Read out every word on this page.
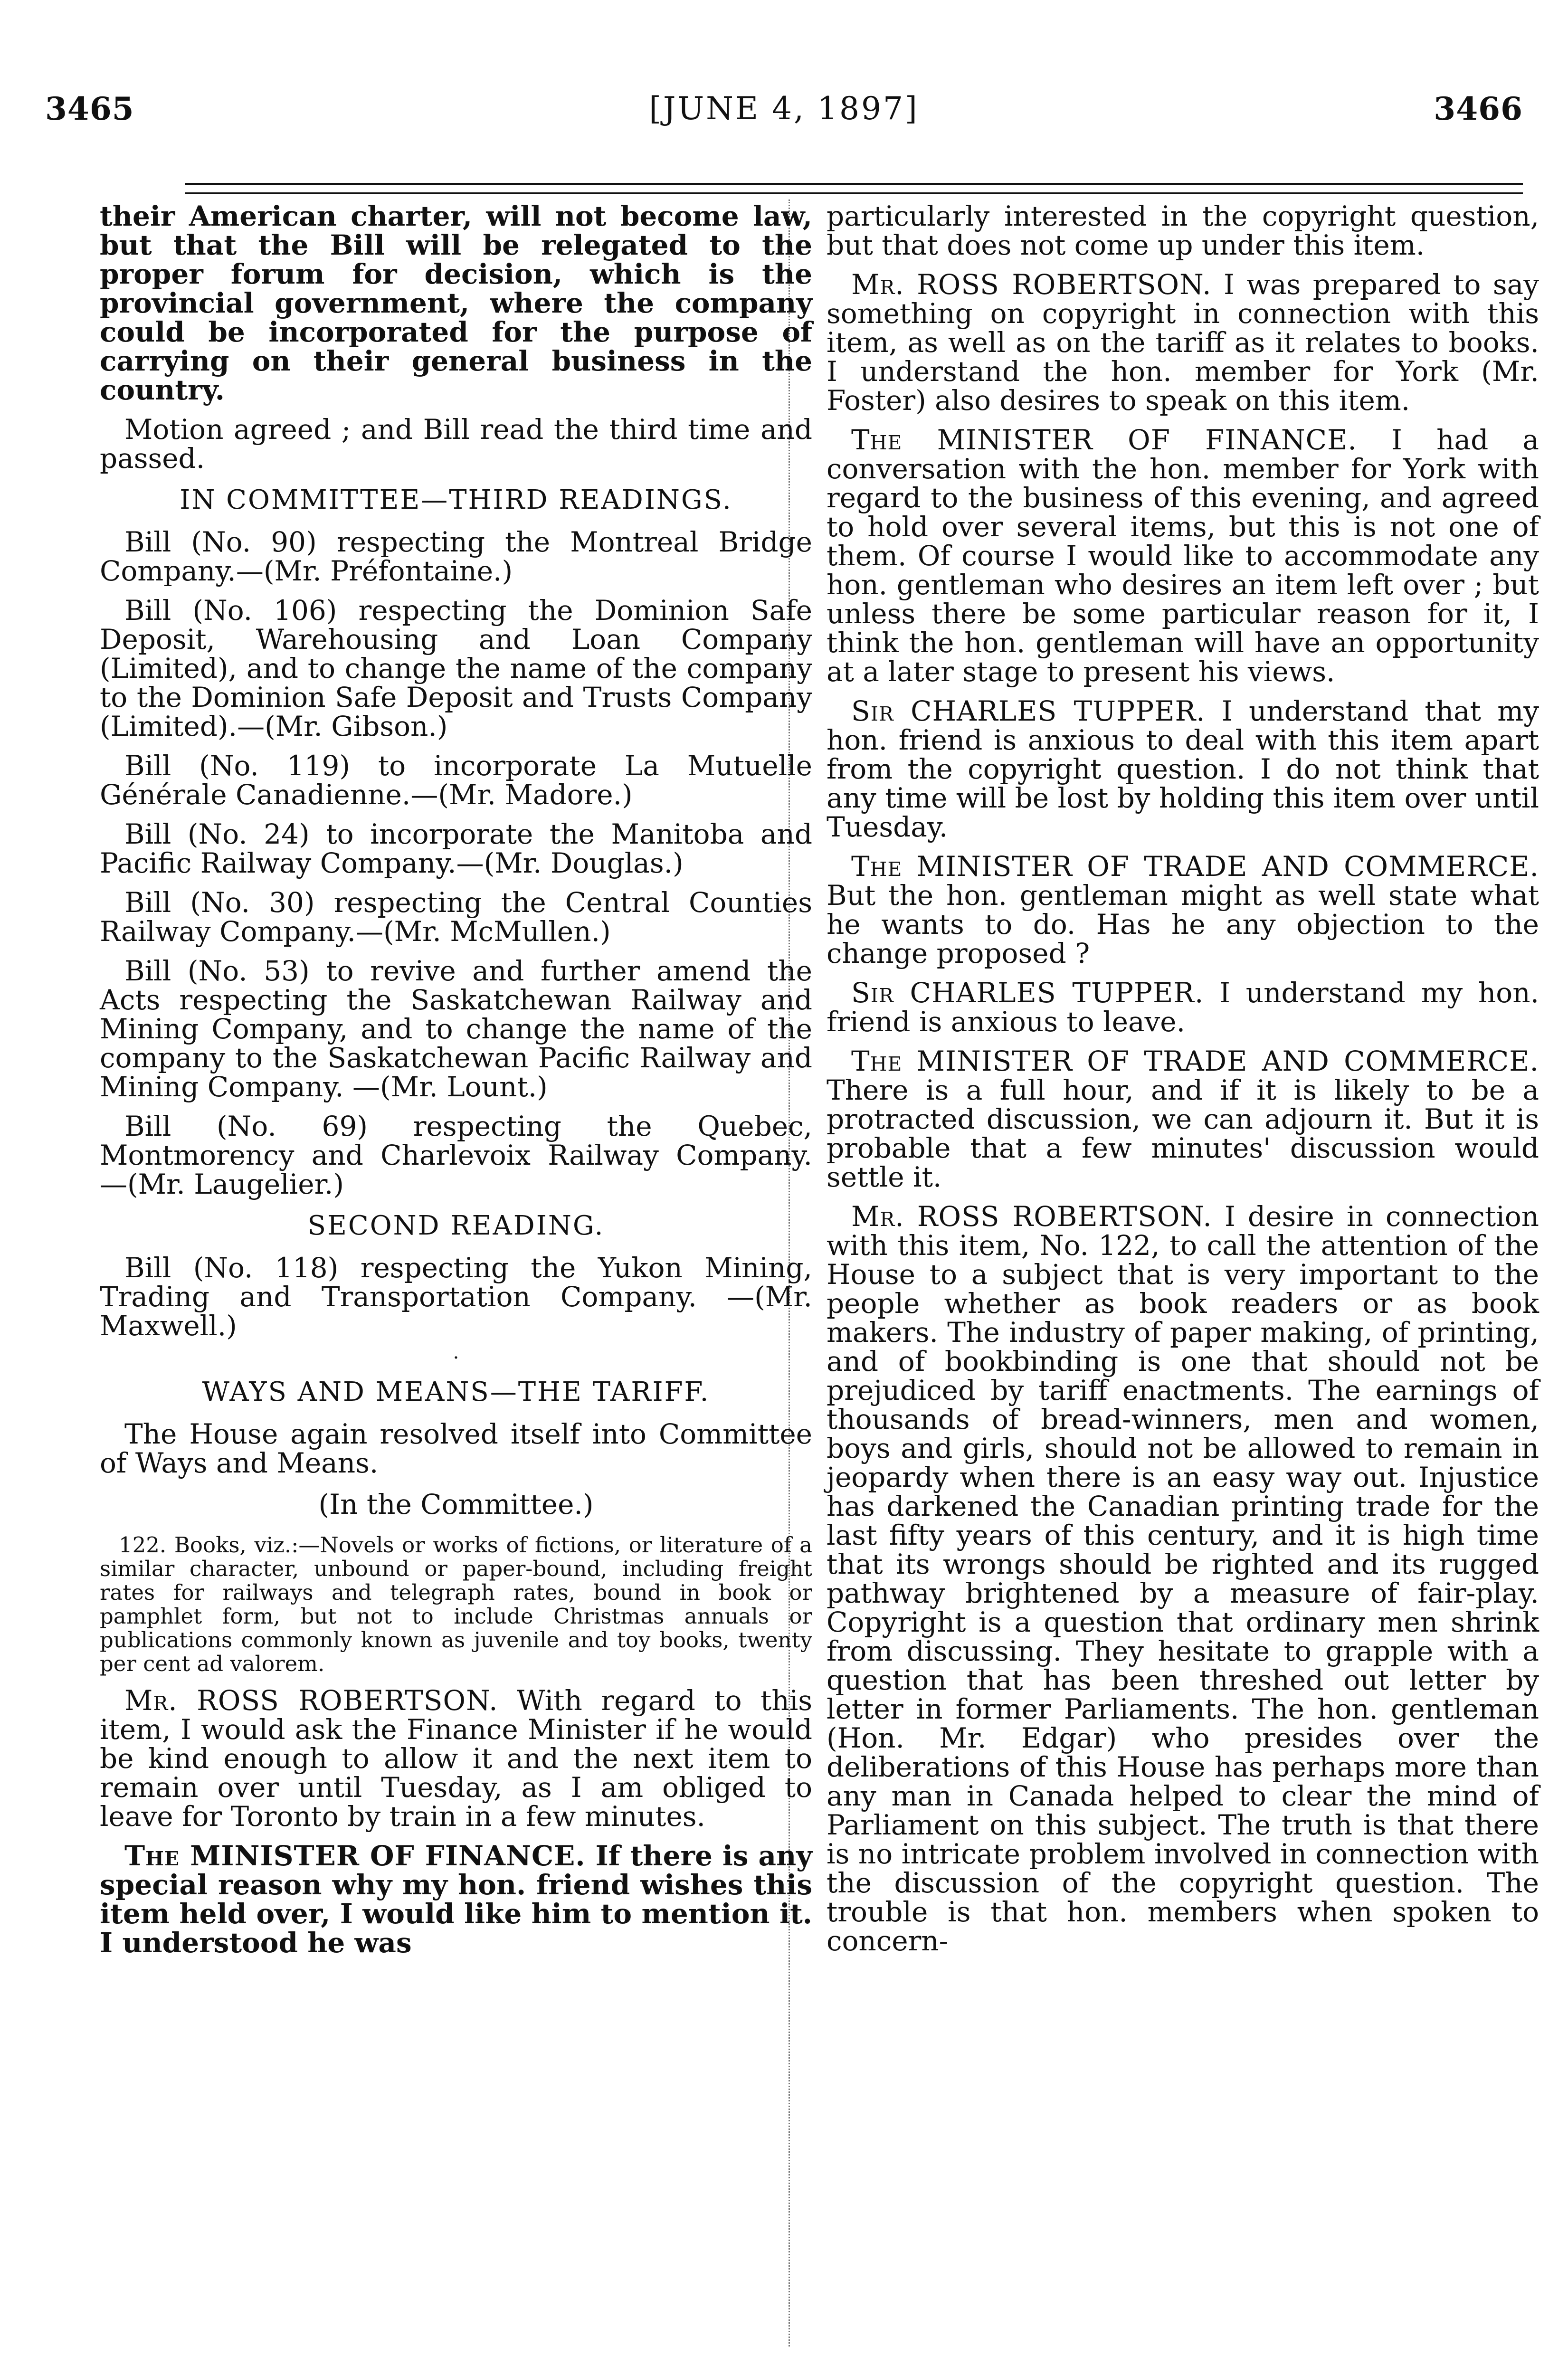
3465	[JUNE 4, 1897]	3466

their American charter, will not become law, but that the Bill will be relegated to the proper forum for decision, which is the provincial government, where the company could be incorporated for the purpose of carrying on their general business in the country.

Motion agreed ; and Bill read the third time and passed.

IN COMMITTEE—THIRD READINGS.

Bill (No. 90) respecting the Montreal Bridge Company.—(Mr. Préfontaine.)

Bill (No. 106) respecting the Dominion Safe Deposit, Warehousing and Loan Company (Limited), and to change the name of the company to the Dominion Safe Deposit and Trusts Company (Limited).—(Mr. Gibson.)

Bill (No. 119) to incorporate La Mutuelle Générale Canadienne.—(Mr. Madore.)

Bill (No. 24) to incorporate the Manitoba and Pacific Railway Company.—(Mr. Douglas.)

Bill (No. 30) respecting the Central Counties Railway Company.—(Mr. McMullen.)

Bill (No. 53) to revive and further amend the Acts respecting the Saskatchewan Railway and Mining Company, and to change the name of the company to the Saskatchewan Pacific Railway and Mining Company. —(Mr. Lount.)

Bill (No. 69) respecting the Quebec, Montmorency and Charlevoix Railway Company. —(Mr. Laugelier.)

SECOND READING.

Bill (No. 118) respecting the Yukon Mining, Trading and Transportation Company. —(Mr. Maxwell.)

·
WAYS AND MEANS—THE TARIFF.

The House again resolved itself into Committee of Ways and Means.

(In the Committee.)

122. Books, viz.:—Novels or works of fictions, or literature of a similar character, unbound or paper-bound, including freight rates for railways and telegraph rates, bound in book or pamphlet form, but not to include Christmas annuals or publications commonly known as juvenile and toy books, twenty per cent ad valorem.

Mr. ROSS ROBERTSON. With regard to this item, I would ask the Finance Minister if he would be kind enough to allow it and the next item to remain over until Tuesday, as I am obliged to leave for Toronto by train in a few minutes.

The MINISTER OF FINANCE. If there is any special reason why my hon. friend wishes this item held over, I would like him to mention it. I understood he was

particularly interested in the copyright question, but that does not come up under this item.

Mr. ROSS ROBERTSON. I was prepared to say something on copyright in connection with this item, as well as on the tariff as it relates to books. I understand the hon. member for York (Mr. Foster) also desires to speak on this item.

The MINISTER OF FINANCE. I had a conversation with the hon. member for York with regard to the business of this evening, and agreed to hold over several items, but this is not one of them. Of course I would like to accommodate any hon. gentleman who desires an item left over ; but unless there be some particular reason for it, I think the hon. gentleman will have an opportunity at a later stage to present his views.

Sir CHARLES TUPPER. I understand that my hon. friend is anxious to deal with this item apart from the copyright question. I do not think that any time will be lost by holding this item over until Tuesday.

The MINISTER OF TRADE AND COMMERCE. But the hon. gentleman might as well state what he wants to do. Has he any objection to the change proposed ?

Sir CHARLES TUPPER. I understand my hon. friend is anxious to leave.

The MINISTER OF TRADE AND COMMERCE. There is a full hour, and if it is likely to be a protracted discussion, we can adjourn it. But it is probable that a few minutes' discussion would settle it.

Mr. ROSS ROBERTSON. I desire in connection with this item, No. 122, to call the attention of the House to a subject that is very important to the people whether as book readers or as book makers. The industry of paper making, of printing, and of bookbinding is one that should not be prejudiced by tariff enactments. The earnings of thousands of bread-winners, men and women, boys and girls, should not be allowed to remain in jeopardy when there is an easy way out. Injustice has darkened the Canadian printing trade for the last fifty years of this century, and it is high time that its wrongs should be righted and its rugged pathway brightened by a measure of fair-play. Copyright is a question that ordinary men shrink from discussing. They hesitate to grapple with a question that has been threshed out letter by letter in former Parliaments. The hon. gentleman (Hon. Mr. Edgar) who presides over the deliberations of this House has perhaps more than any man in Canada helped to clear the mind of Parliament on this subject. The truth is that there is no intricate problem involved in connection with the discussion of the copyright question. The trouble is that hon. members when spoken to concern-
